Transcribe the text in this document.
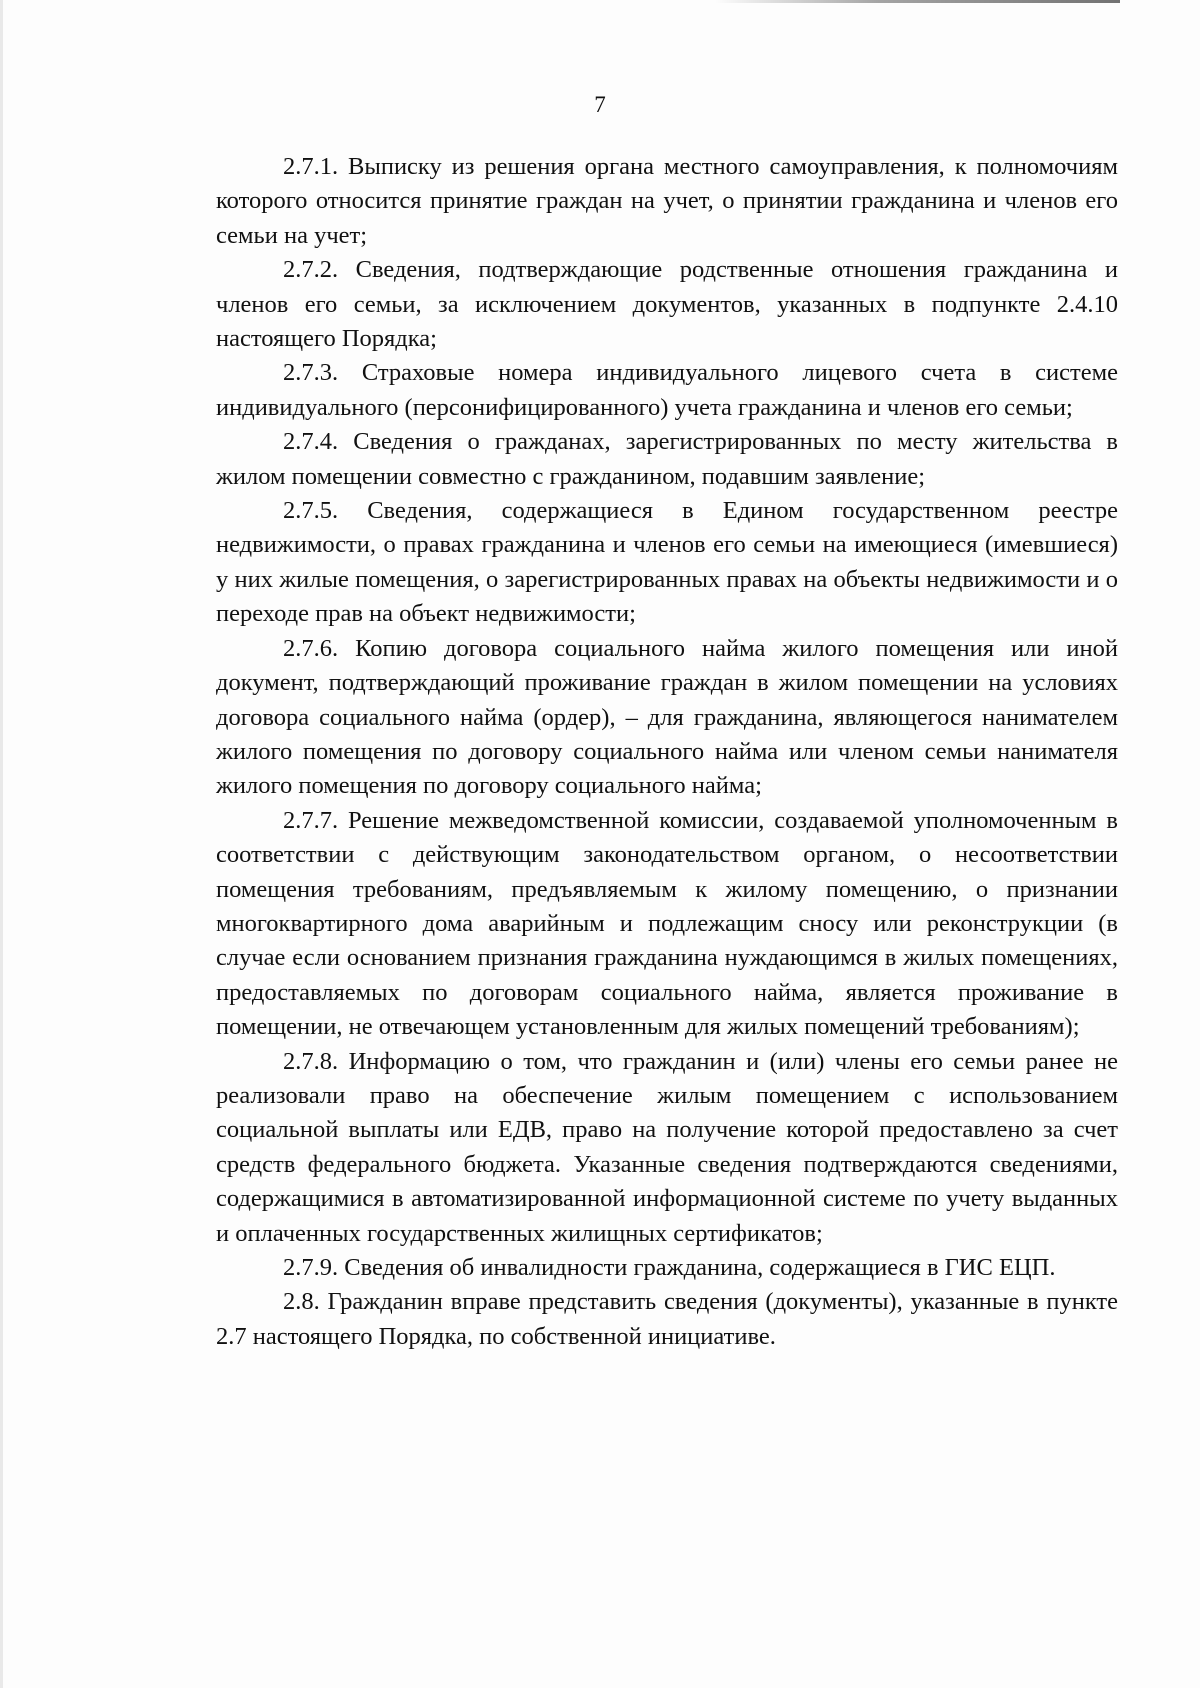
7

2.7.1. Выписку из решения органа местного самоуправления, к полномочиям которого относится принятие граждан на учет, о принятии гражданина и членов его семьи на учет;

2.7.2. Сведения, подтверждающие родственные отношения гражданина и членов его семьи, за исключением документов, указанных в подпункте 2.4.10 настоящего Порядка;

2.7.3. Страховые номера индивидуального лицевого счета в системе индивидуального (персонифицированного) учета гражданина и членов его семьи;

2.7.4. Сведения о гражданах, зарегистрированных по месту жительства в жилом помещении совместно с гражданином, подавшим заявление;

2.7.5. Сведения, содержащиеся в Едином государственном реестре недвижимости, о правах гражданина и членов его семьи на имеющиеся (имевшиеся) у них жилые помещения, о зарегистрированных правах на объекты недвижимости и о переходе прав на объект недвижимости;

2.7.6. Копию договора социального найма жилого помещения или иной документ, подтверждающий проживание граждан в жилом помещении на условиях договора социального найма (ордер), – для гражданина, являющегося нанимателем жилого помещения по договору социального найма или членом семьи нанимателя жилого помещения по договору социального найма;

2.7.7. Решение межведомственной комиссии, создаваемой уполномоченным в соответствии с действующим законодательством органом, о несоответствии помещения требованиям, предъявляемым к жилому помещению, о признании многоквартирного дома аварийным и подлежащим сносу или реконструкции (в случае если основанием признания гражданина нуждающимся в жилых помещениях, предоставляемых по договорам социального найма, является проживание в помещении, не отвечающем установленным для жилых помещений требованиям);

2.7.8. Информацию о том, что гражданин и (или) члены его семьи ранее не реализовали право на обеспечение жилым помещением с использованием социальной выплаты или ЕДВ, право на получение которой предоставлено за счет средств федерального бюджета. Указанные сведения подтверждаются сведениями, содержащимися в автоматизированной информационной системе по учету выданных и оплаченных государственных жилищных сертификатов;

2.7.9. Сведения об инвалидности гражданина, содержащиеся в ГИС ЕЦП.

2.8. Гражданин вправе представить сведения (документы), указанные в пункте 2.7 настоящего Порядка, по собственной инициативе.
